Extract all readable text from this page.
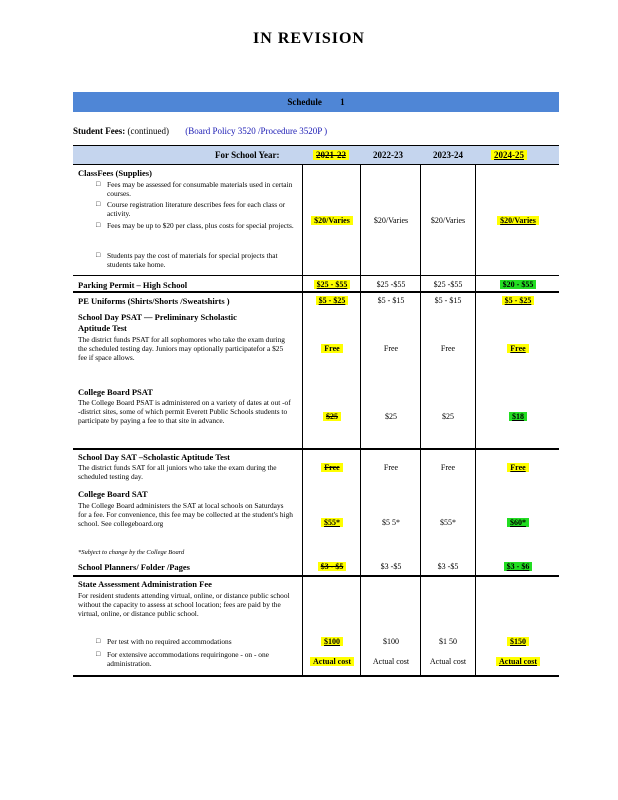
IN REVISION
Schedule 1
Student Fees: (continued) (Board Policy 3520 /Procedure 3520P )
For School Year:	2021-22	2022-23	2023-24	2024-25
ClassFees (Supplies)
□ Fees may be assessed for consumable materials used in certain courses.
□ Course registration literature describes fees for each class or activity.
□ Fees may be up to $20 per class, plus costs for special projects.
□ Students pay the cost of materials for special projects that students take home.
$20/Varies	$20/Varies	$20/Varies	$20/Varies
Parking Permit – High School	$25 - $55	$25 -$55	$25 -$55	$20 - $55
PE Uniforms (Shirts/Shorts /Sweatshirts )	$5 - $25	$5 - $15	$5 - $15	$5 - $25
School Day PSAT — Preliminary Scholastic
Aptitude Test
The district funds PSAT for all sophomores who take the exam during the scheduled testing day. Juniors may optionally participatefor a $25 fee if space allows.
Free	Free	Free	Free
College Board PSAT
The College Board PSAT is administered on a variety of dates at out -of -district sites, some of which permit Everett Public Schools students to participate by paying a fee to that site in advance.	$25	$25	$25	$18
School Day SAT –Scholastic Aptitude Test
The district funds SAT for all juniors who take the exam during the scheduled testing day.
Free	Free	Free	Free
College Board SAT
The College Board administers the SAT at local schools on Saturdays for a fee. For convenience, this fee may be collected at the student's high school. See collegeboard.org
*Subject to change by the College Board
$55*	$5 5*	$55*	$60*
School Planners/ Folder /Pages	$3 - $5	$3 -$5	$3 -$5	$3 - $6
State Assessment Administration Fee
For resident students attending virtual, online, or distance public school without the capacity to assess at school location; fees are paid by the virtual, online, or distance public school.
□ Per test with no required accommodations
□ For extensive accommodations requiringone - on - one administration.
$100	$100	$1 50	$150
Actual cost	Actual cost	Actual cost	Actual cost
